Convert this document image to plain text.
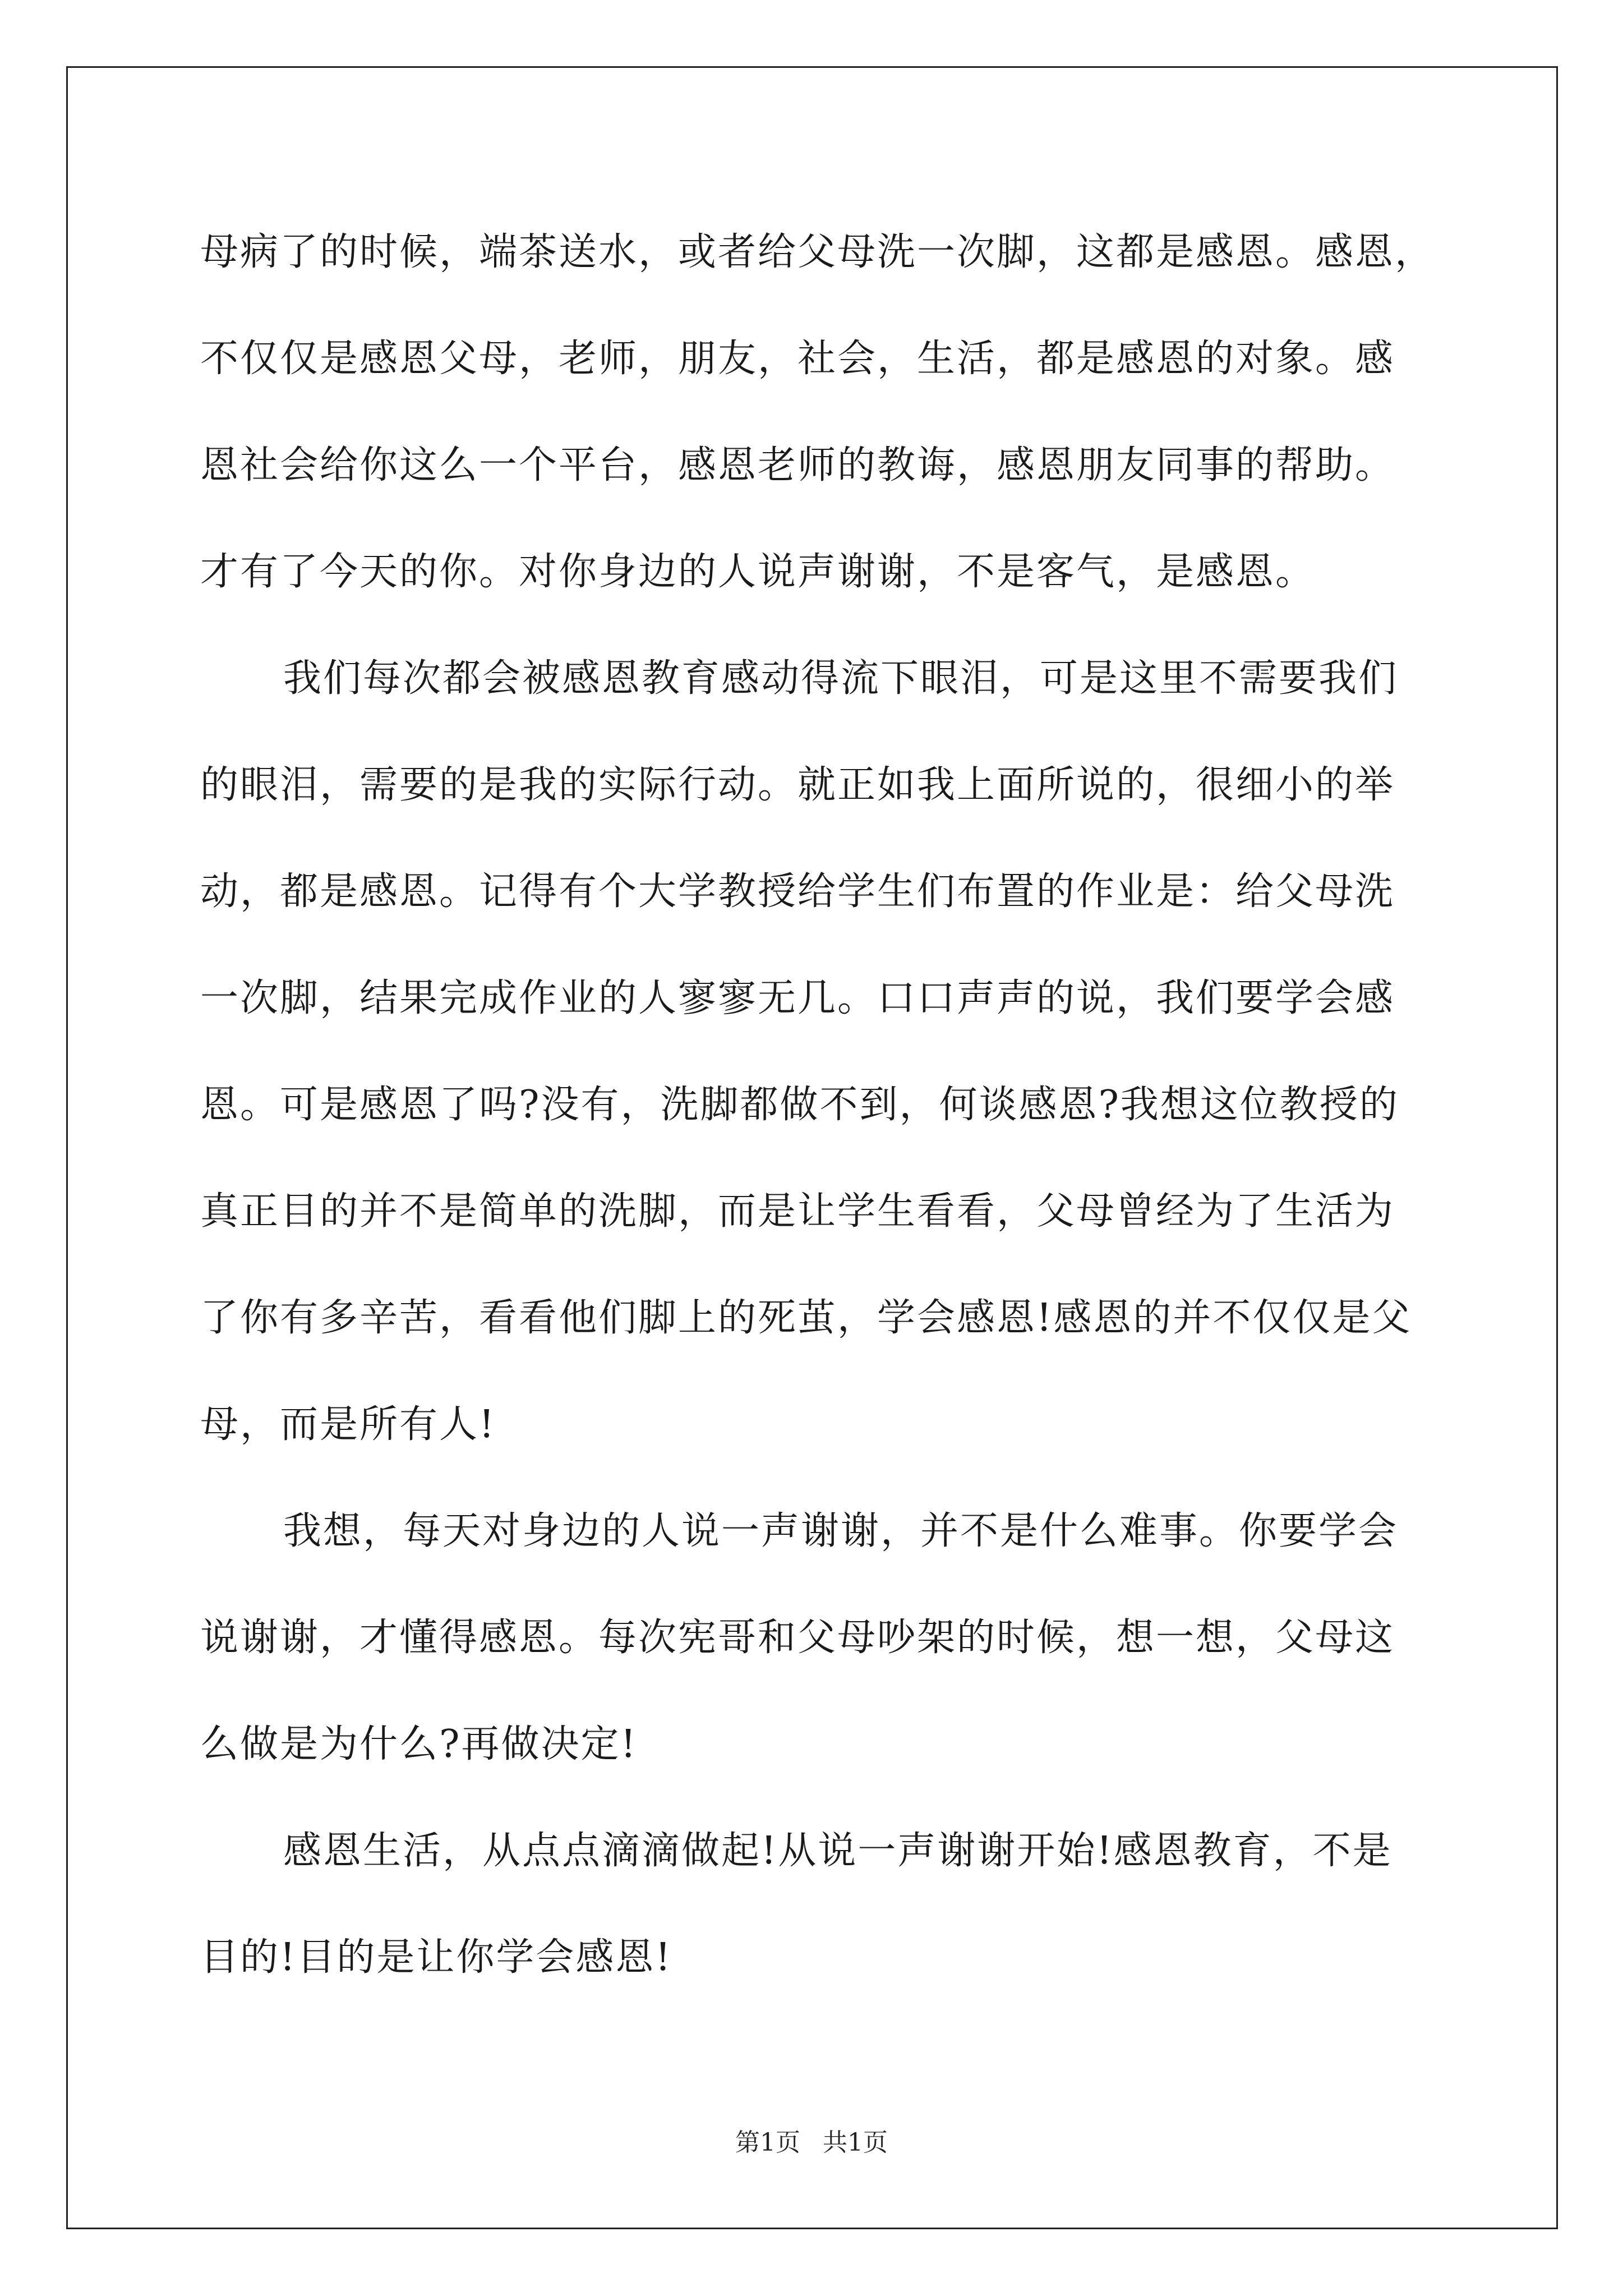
母病了的时候，端茶送水，或者给父母洗一次脚，这都是感恩。感恩，
不仅仅是感恩父母，老师，朋友，社会，生活，都是感恩的对象。感
恩社会给你这么一个平台，感恩老师的教诲，感恩朋友同事的帮助。
才有了今天的你。对你身边的人说声谢谢，不是客气，是感恩。
我们每次都会被感恩教育感动得流下眼泪，可是这里不需要我们
的眼泪，需要的是我的实际行动。就正如我上面所说的，很细小的举
动，都是感恩。记得有个大学教授给学生们布置的作业是：给父母洗
一次脚，结果完成作业的人寥寥无几。口口声声的说，我们要学会感
恩。可是感恩了吗?没有，洗脚都做不到，何谈感恩?我想这位教授的
真正目的并不是简单的洗脚，而是让学生看看，父母曾经为了生活为
了你有多辛苦，看看他们脚上的死茧，学会感恩!感恩的并不仅仅是父
母，而是所有人!
我想，每天对身边的人说一声谢谢，并不是什么难事。你要学会
说谢谢，才懂得感恩。每次宪哥和父母吵架的时候，想一想，父母这
么做是为什么?再做决定!
感恩生活，从点点滴滴做起!从说一声谢谢开始!感恩教育，不是
目的!目的是让你学会感恩!
第1页 共1页
